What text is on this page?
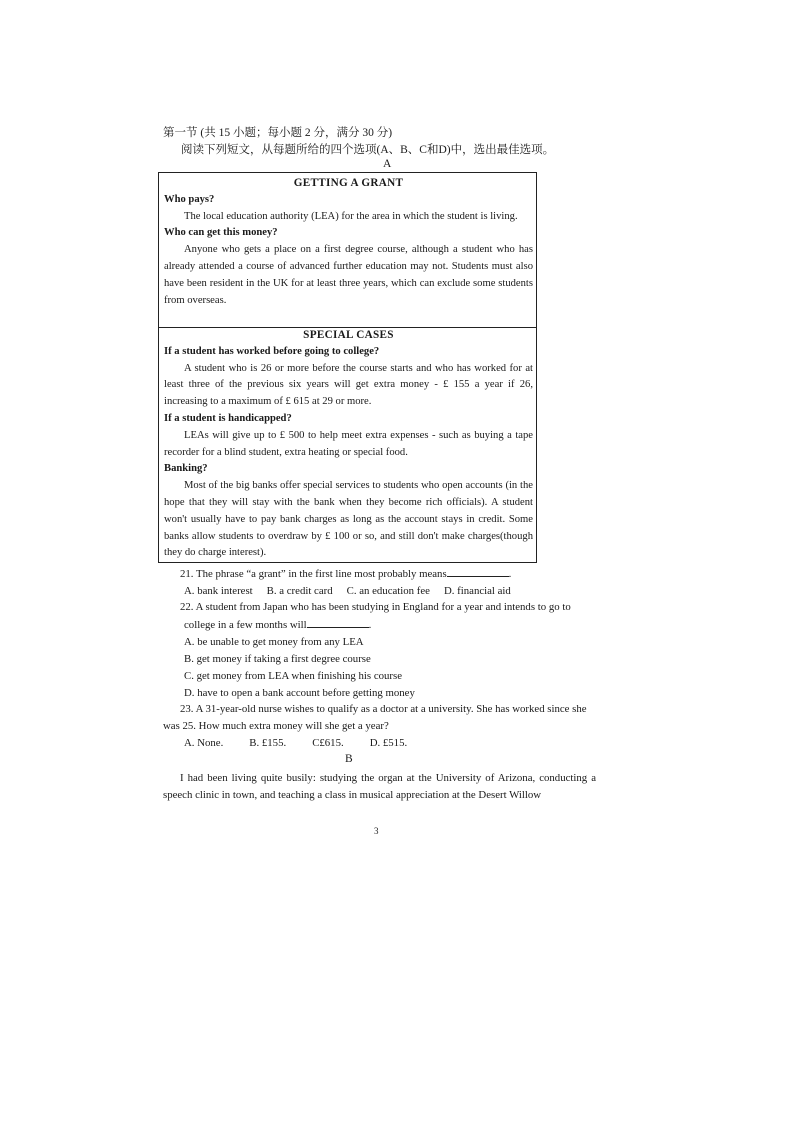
第一节 (共 15 小题；每小题 2 分，满分 30 分)
阅读下列短文，从每题所给的四个选项(A、B、C和D)中，选出最佳选项。
A
GETTING A GRANT
Who pays?
The local education authority (LEA) for the area in which the student is living.
Who can get this money?
Anyone who gets a place on a first degree course, although a student who has already attended a course of advanced further education may not. Students must also have been resident in the UK for at least three years, which can exclude some students from overseas.
SPECIAL CASES
If a student has worked before going to college?
A student who is 26 or more before the course starts and who has worked for at least three of the previous six years will get extra money - £ 155 a year if 26, increasing to a maximum of £ 615 at 29 or more.
If a student is handicapped?
LEAs will give up to £ 500 to help meet extra expenses - such as buying a tape recorder for a blind student, extra heating or special food.
Banking?
Most of the big banks offer special services to students who open accounts (in the hope that they will stay with the bank when they become rich officials). A student won't usually have to pay bank charges as long as the account stays in credit. Some banks allow students to overdraw by £ 100 or so, and still don't make charges(though they do charge interest).
21. The phrase “a grant” in the first line most probably means	.
A. bank interest B. a credit card C. an education fee D. financial aid
22. A student from Japan who has been studying in England for a year and intends to go to
college in a few months will	.
A. be unable to get money from any LEA
B. get money if taking a first degree course
C. get money from LEA when finishing his course
D. have to open a bank account before getting money
23. A 31-year-old nurse wishes to qualify as a doctor at a university. She has worked since she
was 25. How much extra money will she get a year?
A. None. B. £155. C£615. D. £515.
B
I had been living quite busily: studying the organ at the University of Arizona, conducting a speech clinic in town, and teaching a class in musical appreciation at the Desert Willow
3
